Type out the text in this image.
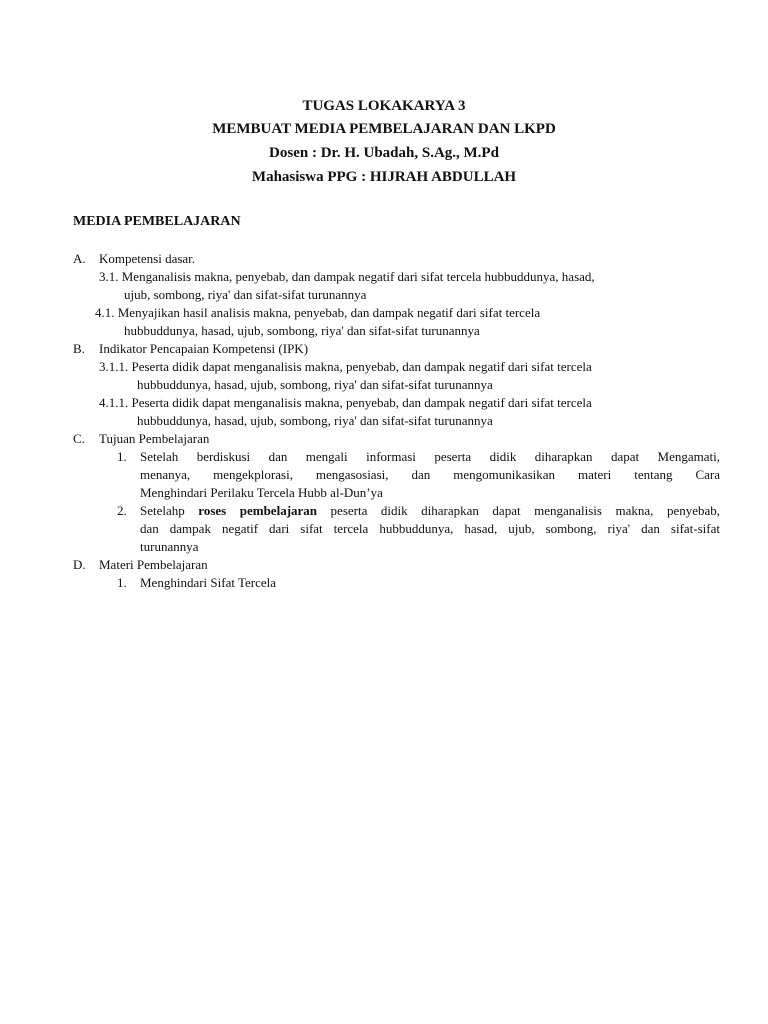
TUGAS LOKAKARYA 3
MEMBUAT MEDIA PEMBELAJARAN DAN LKPD
Dosen : Dr. H. Ubadah, S.Ag., M.Pd
Mahasiswa PPG : HIJRAH ABDULLAH
MEDIA PEMBELAJARAN
A. Kompetensi dasar.
3.1. Menganalisis makna, penyebab, dan dampak negatif dari sifat tercela hubbuddunya, hasad,
ujub, sombong, riya' dan sifat-sifat turunannya
4.1. Menyajikan hasil analisis makna, penyebab, dan dampak negatif dari sifat tercela
hubbuddunya, hasad, ujub, sombong, riya' dan sifat-sifat turunannya
B. Indikator Pencapaian Kompetensi (IPK)
3.1.1. Peserta didik dapat menganalisis makna, penyebab, dan dampak negatif dari sifat tercela
hubbuddunya, hasad, ujub, sombong, riya' dan sifat-sifat turunannya
4.1.1. Peserta didik dapat menganalisis makna, penyebab, dan dampak negatif dari sifat tercela
hubbuddunya, hasad, ujub, sombong, riya' dan sifat-sifat turunannya
C. Tujuan Pembelajaran
1. Setelah berdiskusi dan mengali informasi peserta didik diharapkan dapat Mengamati,
menanya, mengekplorasi, mengasosiasi, dan mengomunikasikan materi tentang Cara
Menghindari Perilaku Tercela Hubb al-Dun’ya
2. Setelahp roses pembelajaran peserta didik diharapkan dapat menganalisis makna, penyebab,
dan dampak negatif dari sifat tercela hubbuddunya, hasad, ujub, sombong, riya' dan sifat-sifat
turunannya
D. Materi Pembelajaran
1. Menghindari Sifat Tercela
